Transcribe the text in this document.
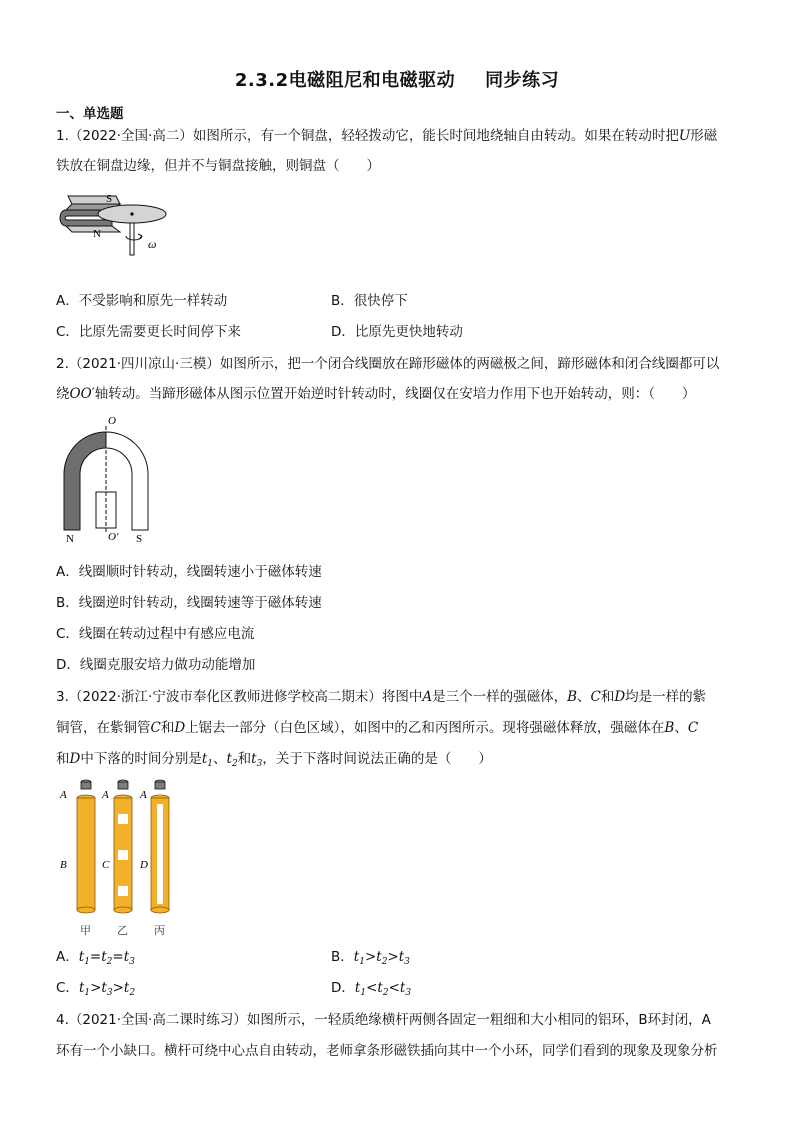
2.3.2电磁阻尼和电磁驱动 同步练习
一、单选题
1.（2022·全国·高二）如图所示，有一个铜盘，轻轻拨动它，能长时间地绕轴自由转动。如果在转动时把U形磁
铁放在铜盘边缘，但并不与铜盘接触，则铜盘（　　）
S
N
ω
A．不受影响和原先一样转动	B．很快停下
C．比原先需要更长时间停下来	D．比原先更快地转动
2.（2021·四川凉山·三模）如图所示，把一个闭合线圈放在蹄形磁体的两磁极之间，蹄形磁体和闭合线圈都可以
绕OO′轴转动。当蹄形磁体从图示位置开始逆时针转动时，线圈仅在安培力作用下也开始转动，则：（　　）
O
O′
N	S
A．线圈顺时针转动，线圈转速小于磁体转速
B．线圈逆时针转动，线圈转速等于磁体转速
C．线圈在转动过程中有感应电流
D．线圈克服安培力做功动能增加
3.（2022·浙江·宁波市奉化区教师进修学校高二期末）将图中A是三个一样的强磁体，B、C和D均是一样的紫
铜管，在紫铜管C和D上锯去一部分（白色区域），如图中的乙和丙图所示。现将强磁体释放，强磁体在B、C
和D中下落的时间分别是$t_1$、$t_2$和$t_3$，关于下落时间说法正确的是（　　）
A	A	A
B	C	D
甲 乙 丙
A．$t_1=t_2=t_3$	B．$t_1>t_2>t_3$
C．$t_1>t_3>t_2$	D．$t_1<t_2<t_3$
4.（2021·全国·高二课时练习）如图所示，一轻质绝缘横杆两侧各固定一粗细和大小相同的铝环，B环封闭，A
环有一个小缺口。横杆可绕中心点自由转动，老师拿条形磁铁插向其中一个小环，同学们看到的现象及现象分析
